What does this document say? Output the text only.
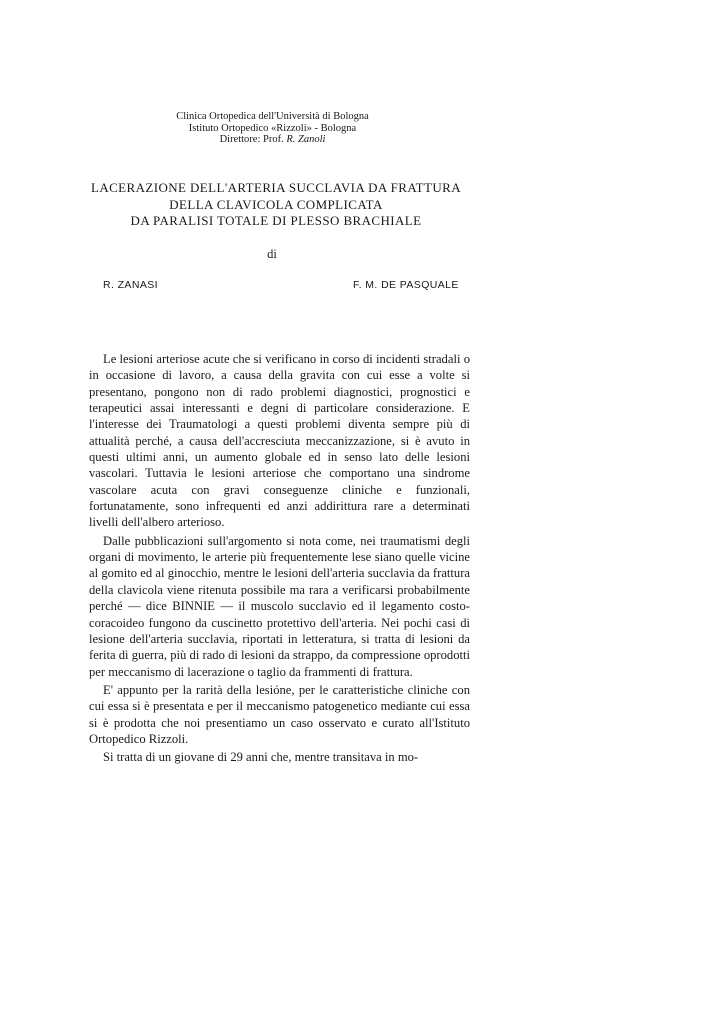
Clinica Ortopedica dell'Università di Bologna
Istituto Ortopedico «Rizzoli» - Bologna
Direttore: Prof. R. Zanoli
LACERAZIONE DELL'ARTERIA SUCCLAVIA DA FRATTURA
DELLA CLAVICOLA COMPLICATA
DA PARALISI TOTALE DI PLESSO BRACHIALE
di
R. ZANASI	F. M. DE PASQUALE

Le lesioni arteriose acute che si verificano in corso di incidenti stradali o in occasione di lavoro, a causa della gravita con cui esse a volte si presentano, pongono non di rado problemi diagnostici, prognostici e terapeutici assai interessanti e degni di particolare considerazione. E l'interesse dei Traumatologi a questi problemi diventa sempre più di attualità perché, a causa dell'accresciuta meccanizzazione, si è avuto in questi ultimi anni, un aumento globale ed in senso lato delle lesioni vascolari. Tuttavia le lesioni arteriose che comportano una sindrome vascolare acuta con gravi conseguenze cliniche e funzionali, fortunatamente, sono infrequenti ed anzi addirittura rare a determinati livelli dell'albero arterioso.

Dalle pubblicazioni sull'argomento si nota come, nei traumatismi degli organi di movimento, le arterie più frequentemente lese siano quelle vicine al gomito ed al ginocchio, mentre le lesioni dell'arteria succlavia da frattura della clavicola viene ritenuta possibile ma rara a verificarsi probabilmente perché — dice BINNIE — il muscolo succlavio ed il legamento costo-coracoideo fungono da cuscinetto protettivo dell'arteria. Nei pochi casi di lesione dell'arteria succlavia, riportati in letteratura, si tratta di lesioni da ferita di guerra, più di rado di lesioni da strappo, da compressione oprodotti per meccanismo di lacerazione o taglio da frammenti di frattura.

E' appunto per la rarità della lesióne, per le caratteristiche cliniche con cui essa si è presentata e per il meccanismo patogenetico mediante cui essa si è prodotta che noi presentiamo un caso osservato e curato all'Istituto Ortopedico Rizzoli.

Si tratta di un giovane di 29 anni che, mentre transitava in mo-
